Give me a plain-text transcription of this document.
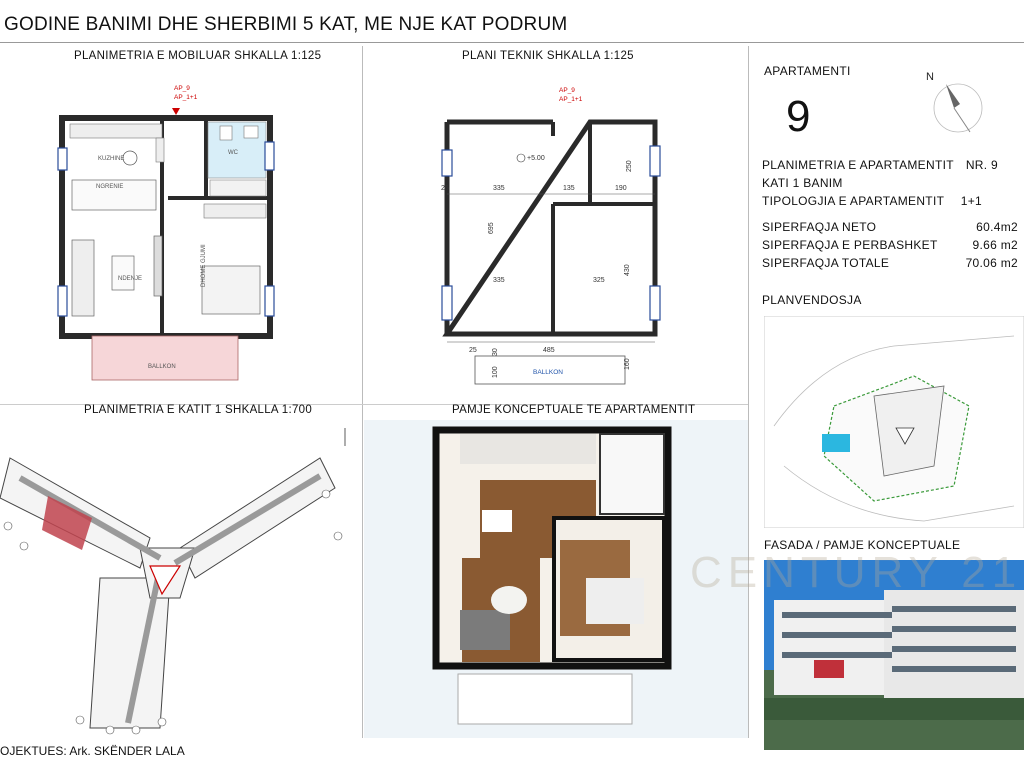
GODINE BANIMI DHE SHERBIMI 5 KAT, ME NJE KAT PODRUM
PLANIMETRIA E MOBILUAR SHKALLA 1:125	PLANI TEKNIK SHKALLA 1:125
PLANIMETRIA E KATIT 1 SHKALLA 1:700	PAMJE KONCEPTUALE TE APARTAMENTIT
AP_9
AP_1+1
WC
KUZHINE
NGRENIE
NDENJE	DHOME GJUMI
BALLKON
AP_9
AP_1+1
+5.00
335	135	190
695
335	325
430
250
25
25	485
160
100
30
BALLKON
APARTAMENTI
9
N
PLANIMETRIA E APARTAMENTIT NR. 9
KATI 1 BANIM
TIPOLOGJIA E APARTAMENTIT 1+1
SIPERFAQJA NETO	60.4m2
SIPERFAQJA E PERBASHKET	9.66 m2
SIPERFAQJA TOTALE	70.06 m2
PLANVENDOSJA
FASADA / PAMJE KONCEPTUALE
CENTURY 21
OJEKTUES: Ark. SKËNDER LALA
